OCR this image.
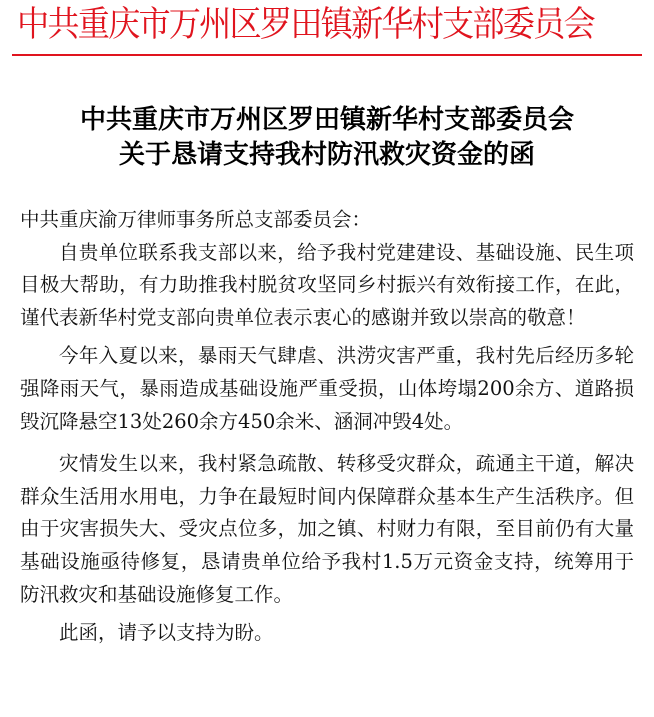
中共重庆市万州区罗田镇新华村支部委员会
中共重庆市万州区罗田镇新华村支部委员会
关于恳请支持我村防汛救灾资金的函

中共重庆渝万律师事务所总支部委员会：

自贵单位联系我支部以来，给予我村党建建设、基础设施、民生项目极大帮助，有力助推我村脱贫攻坚同乡村振兴有效衔接工作，在此，谨代表新华村党支部向贵单位表示衷心的感谢并致以崇高的敬意！

今年入夏以来，暴雨天气肆虐、洪涝灾害严重，我村先后经历多轮强降雨天气，暴雨造成基础设施严重受损，山体垮塌200余方、道路损毁沉降悬空13处260余方450余米、涵洞冲毁4处。

灾情发生以来，我村紧急疏散、转移受灾群众，疏通主干道，解决群众生活用水用电，力争在最短时间内保障群众基本生产生活秩序。但由于灾害损失大、受灾点位多，加之镇、村财力有限，至目前仍有大量基础设施亟待修复，恳请贵单位给予我村1.5万元资金支持，统筹用于防汛救灾和基础设施修复工作。

此函，请予以支持为盼。
